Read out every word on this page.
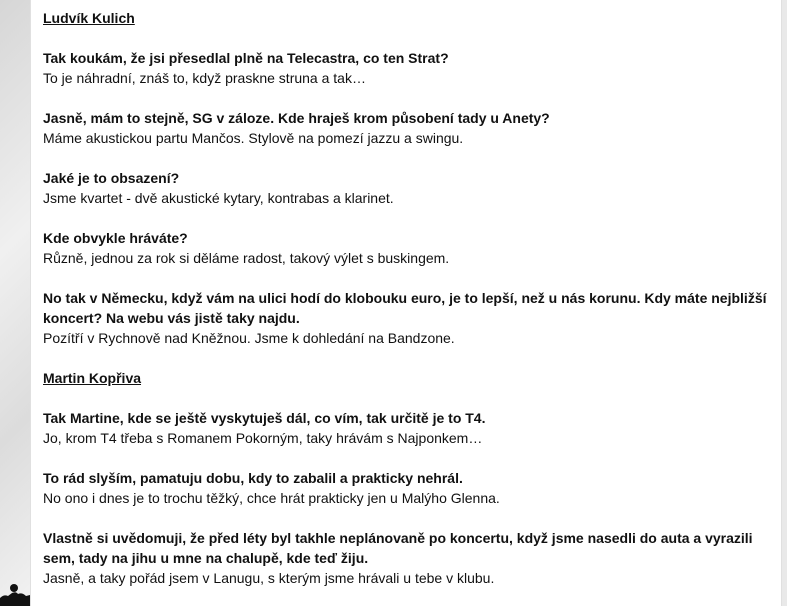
Ludvík Kulich
Tak koukám, že jsi přesedlal plně na Telecastra, co ten Strat?
To je náhradní, znáš to, když praskne struna a tak…
Jasně, mám to stejně, SG v záloze. Kde hraješ krom působení tady u Anety?
Máme akustickou partu Mančos. Stylově na pomezí jazzu a swingu.
Jaké je to obsazení?
Jsme kvartet - dvě akustické kytary, kontrabas a klarinet.
Kde obvykle hráváte?
Různě, jednou za rok si děláme radost, takový výlet s buskingem.
No tak v Německu, když vám na ulici hodí do klobouku euro, je to lepší, než u nás korunu. Kdy máte nejbližší koncert? Na webu vás jistě taky najdu.
Pozítří v Rychnově nad Kněžnou. Jsme k dohledání na Bandzone.
Martin Kopřiva
Tak Martine, kde se ještě vyskytuješ dál, co vím, tak určitě je to T4.
Jo, krom T4 třeba s Romanem Pokorným, taky hrávám s Najponkem…
To rád slyším, pamatuju dobu, kdy to zabalil a prakticky nehrál.
No ono i dnes je to trochu těžký, chce hrát prakticky jen u Malýho Glenna.
Vlastně si uvědomuji, že před léty byl takhle neplánovaně po koncertu, když jsme nasedli do auta a vyrazili sem, tady na jihu u mne na chalupě, kde teď žiju.
Jasně, a taky pořád jsem v Lanugu, s kterým jsme hrávali u tebe v klubu.
